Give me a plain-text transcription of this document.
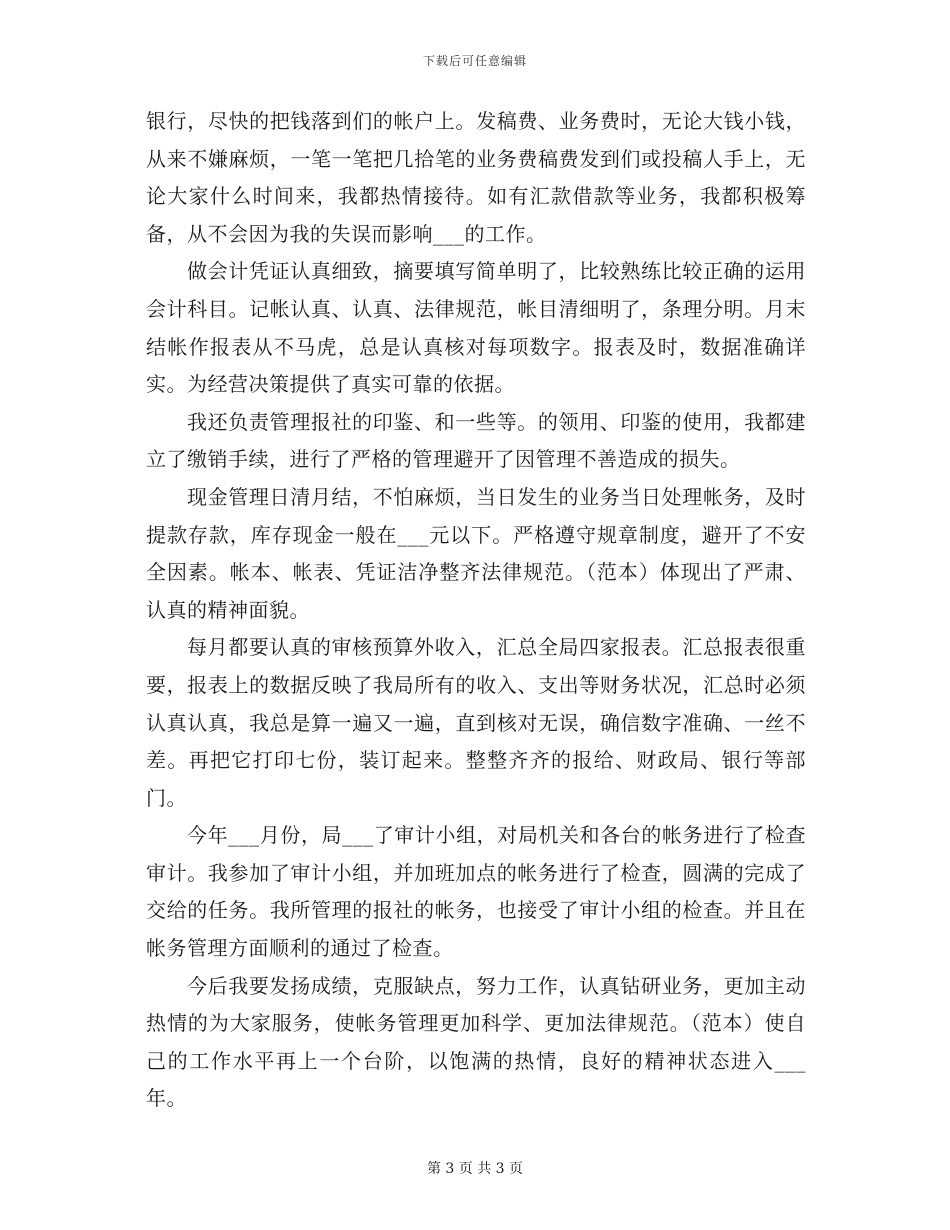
下载后可任意编辑

银行，尽快的把钱落到们的帐户上。发稿费、业务费时，无论大钱小钱，从来不嫌麻烦，一笔一笔把几拾笔的业务费稿费发到们或投稿人手上，无论大家什么时间来，我都热情接待。如有汇款借款等业务，我都积极筹备，从不会因为我的失误而影响___的工作。

做会计凭证认真细致，摘要填写简单明了，比较熟练比较正确的运用会计科目。记帐认真、认真、法律规范，帐目清细明了，条理分明。月末结帐作报表从不马虎，总是认真核对每项数字。报表及时，数据准确详实。为经营决策提供了真实可靠的依据。

我还负责管理报社的印鉴、和一些等。的领用、印鉴的使用，我都建立了缴销手续，进行了严格的管理避开了因管理不善造成的损失。

现金管理日清月结，不怕麻烦，当日发生的业务当日处理帐务，及时提款存款，库存现金一般在___元以下。严格遵守规章制度，避开了不安全因素。帐本、帐表、凭证洁净整齐法律规范。（范本）体现出了严肃、认真的精神面貌。

每月都要认真的审核预算外收入，汇总全局四家报表。汇总报表很重要，报表上的数据反映了我局所有的收入、支出等财务状况，汇总时必须认真认真，我总是算一遍又一遍，直到核对无误，确信数字准确、一丝不差。再把它打印七份，装订起来。整整齐齐的报给、财政局、银行等部门。

今年___月份，局___了审计小组，对局机关和各台的帐务进行了检查审计。我参加了审计小组，并加班加点的帐务进行了检查，圆满的完成了交给的任务。我所管理的报社的帐务，也接受了审计小组的检查。并且在帐务管理方面顺利的通过了检查。

今后我要发扬成绩，克服缺点，努力工作，认真钻研业务，更加主动热情的为大家服务，使帐务管理更加科学、更加法律规范。（范本）使自己的工作水平再上一个台阶，以饱满的热情，良好的精神状态进入___年。

第 3 页 共 3 页
